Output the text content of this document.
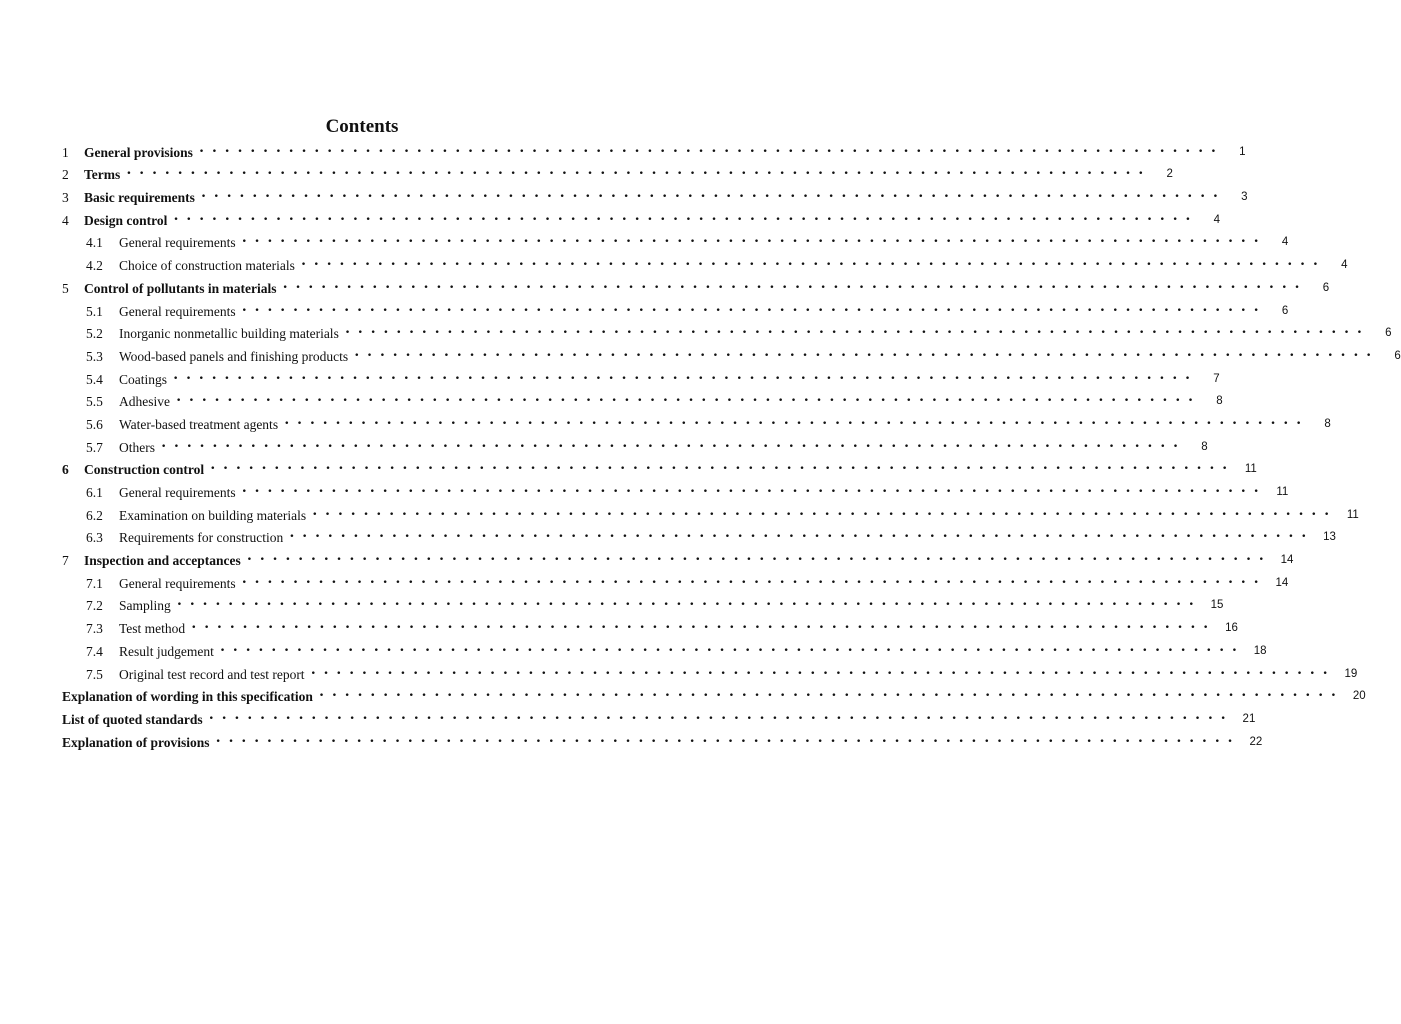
Contents
1	General provisions ••••••••••••••••••••••••••••••••••••••••••••••••••••••••••••••••••••••••••••••••	1
2	Terms ••••••••••••••••••••••••••••••••••••••••••••••••••••••••••••••••••••••••••••••••	2
3	Basic requirements ••••••••••••••••••••••••••••••••••••••••••••••••••••••••••••••••••••••••••••••••	3
4	Design control ••••••••••••••••••••••••••••••••••••••••••••••••••••••••••••••••••••••••••••••••	4
4.1	General requirements ••••••••••••••••••••••••••••••••••••••••••••••••••••••••••••••••••••••••••••••••	4
4.2	Choice of construction materials ••••••••••••••••••••••••••••••••••••••••••••••••••••••••••••••••••••••••••••••••	4
5	Control of pollutants in materials ••••••••••••••••••••••••••••••••••••••••••••••••••••••••••••••••••••••••••••••••	6
5.1	General requirements ••••••••••••••••••••••••••••••••••••••••••••••••••••••••••••••••••••••••••••••••	6
5.2	Inorganic nonmetallic building materials ••••••••••••••••••••••••••••••••••••••••••••••••••••••••••••••••••••••••••••••••	6
5.3	Wood-based panels and finishing products ••••••••••••••••••••••••••••••••••••••••••••••••••••••••••••••••••••••••••••••••	6
5.4	Coatings ••••••••••••••••••••••••••••••••••••••••••••••••••••••••••••••••••••••••••••••••	7
5.5	Adhesive ••••••••••••••••••••••••••••••••••••••••••••••••••••••••••••••••••••••••••••••••	8
5.6	Water-based treatment agents ••••••••••••••••••••••••••••••••••••••••••••••••••••••••••••••••••••••••••••••••	8
5.7	Others ••••••••••••••••••••••••••••••••••••••••••••••••••••••••••••••••••••••••••••••••	8
6	Construction control •••••••••••••••••••••••••••••••••••••••••••••••••••••••••••••••••••••••••••••••• 11
6.1	General requirements •••••••••••••••••••••••••••••••••••••••••••••••••••••••••••••••••••••••••••••••• 11
6.2	Examination on building materials •••••••••••••••••••••••••••••••••••••••••••••••••••••••••••••••••••••••••••••••• 11
6.3	Requirements for construction •••••••••••••••••••••••••••••••••••••••••••••••••••••••••••••••••••••••••••••••• 13
7	Inspection and acceptances •••••••••••••••••••••••••••••••••••••••••••••••••••••••••••••••••••••••••••••••• 14
7.1	General requirements •••••••••••••••••••••••••••••••••••••••••••••••••••••••••••••••••••••••••••••••• 14
7.2	Sampling •••••••••••••••••••••••••••••••••••••••••••••••••••••••••••••••••••••••••••••••• 15
7.3	Test method •••••••••••••••••••••••••••••••••••••••••••••••••••••••••••••••••••••••••••••••• 16
7.4	Result judgement •••••••••••••••••••••••••••••••••••••••••••••••••••••••••••••••••••••••••••••••• 18
7.5	Original test record and test report •••••••••••••••••••••••••••••••••••••••••••••••••••••••••••••••••••••••••••••••• 19
Explanation of wording in this specification •••••••••••••••••••••••••••••••••••••••••••••••••••••••••••••••••••••••••••••••• 20
List of quoted standards •••••••••••••••••••••••••••••••••••••••••••••••••••••••••••••••••••••••••••••••• 21
Explanation of provisions •••••••••••••••••••••••••••••••••••••••••••••••••••••••••••••••••••••••••••••••• 22
